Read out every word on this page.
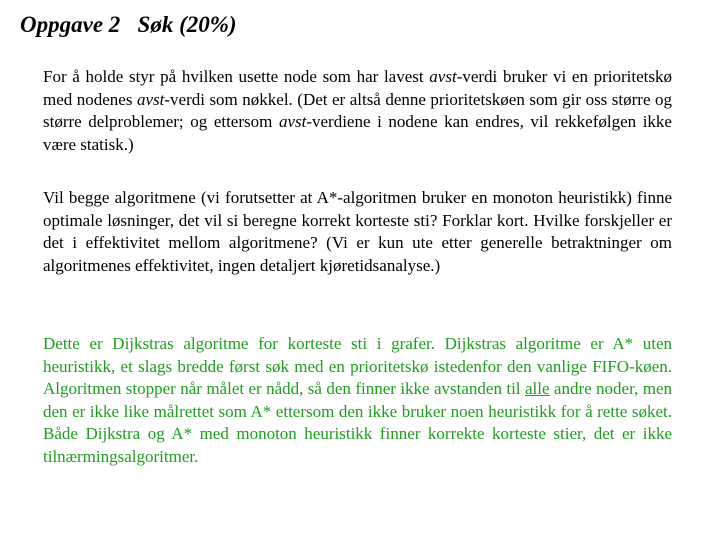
Oppgave 2   Søk (20%)
For å holde styr på hvilken usette node som har lavest avst-verdi bruker vi en prioritetskø med nodenes avst-verdi som nøkkel. (Det er altså denne prioritetskøen som gir oss større og større delproblemer; og ettersom avst-verdiene i nodene kan endres, vil rekkefølgen ikke være statisk.)
Vil begge algoritmene (vi forutsetter at A*-algoritmen bruker en monoton heuristikk) finne optimale løsninger, det vil si beregne korrekt korteste sti? Forklar kort. Hvilke forskjeller er det i effektivitet mellom algoritmene? (Vi er kun ute etter generelle betraktninger om algoritmenes effektivitet, ingen detaljert kjøretidsanalyse.)
Dette er Dijkstras algoritme for korteste sti i grafer. Dijkstras algoritme er A* uten heuristikk, et slags bredde først søk med en prioritetskø istedenfor den vanlige FIFO-køen. Algoritmen stopper når målet er nådd, så den finner ikke avstanden til alle andre noder, men den er ikke like målrettet som A* ettersom den ikke bruker noen heuristikk for å rette søket. Både Dijkstra og A* med monoton heuristikk finner korrekte korteste stier, det er ikke tilnærmingsalgoritmer.
